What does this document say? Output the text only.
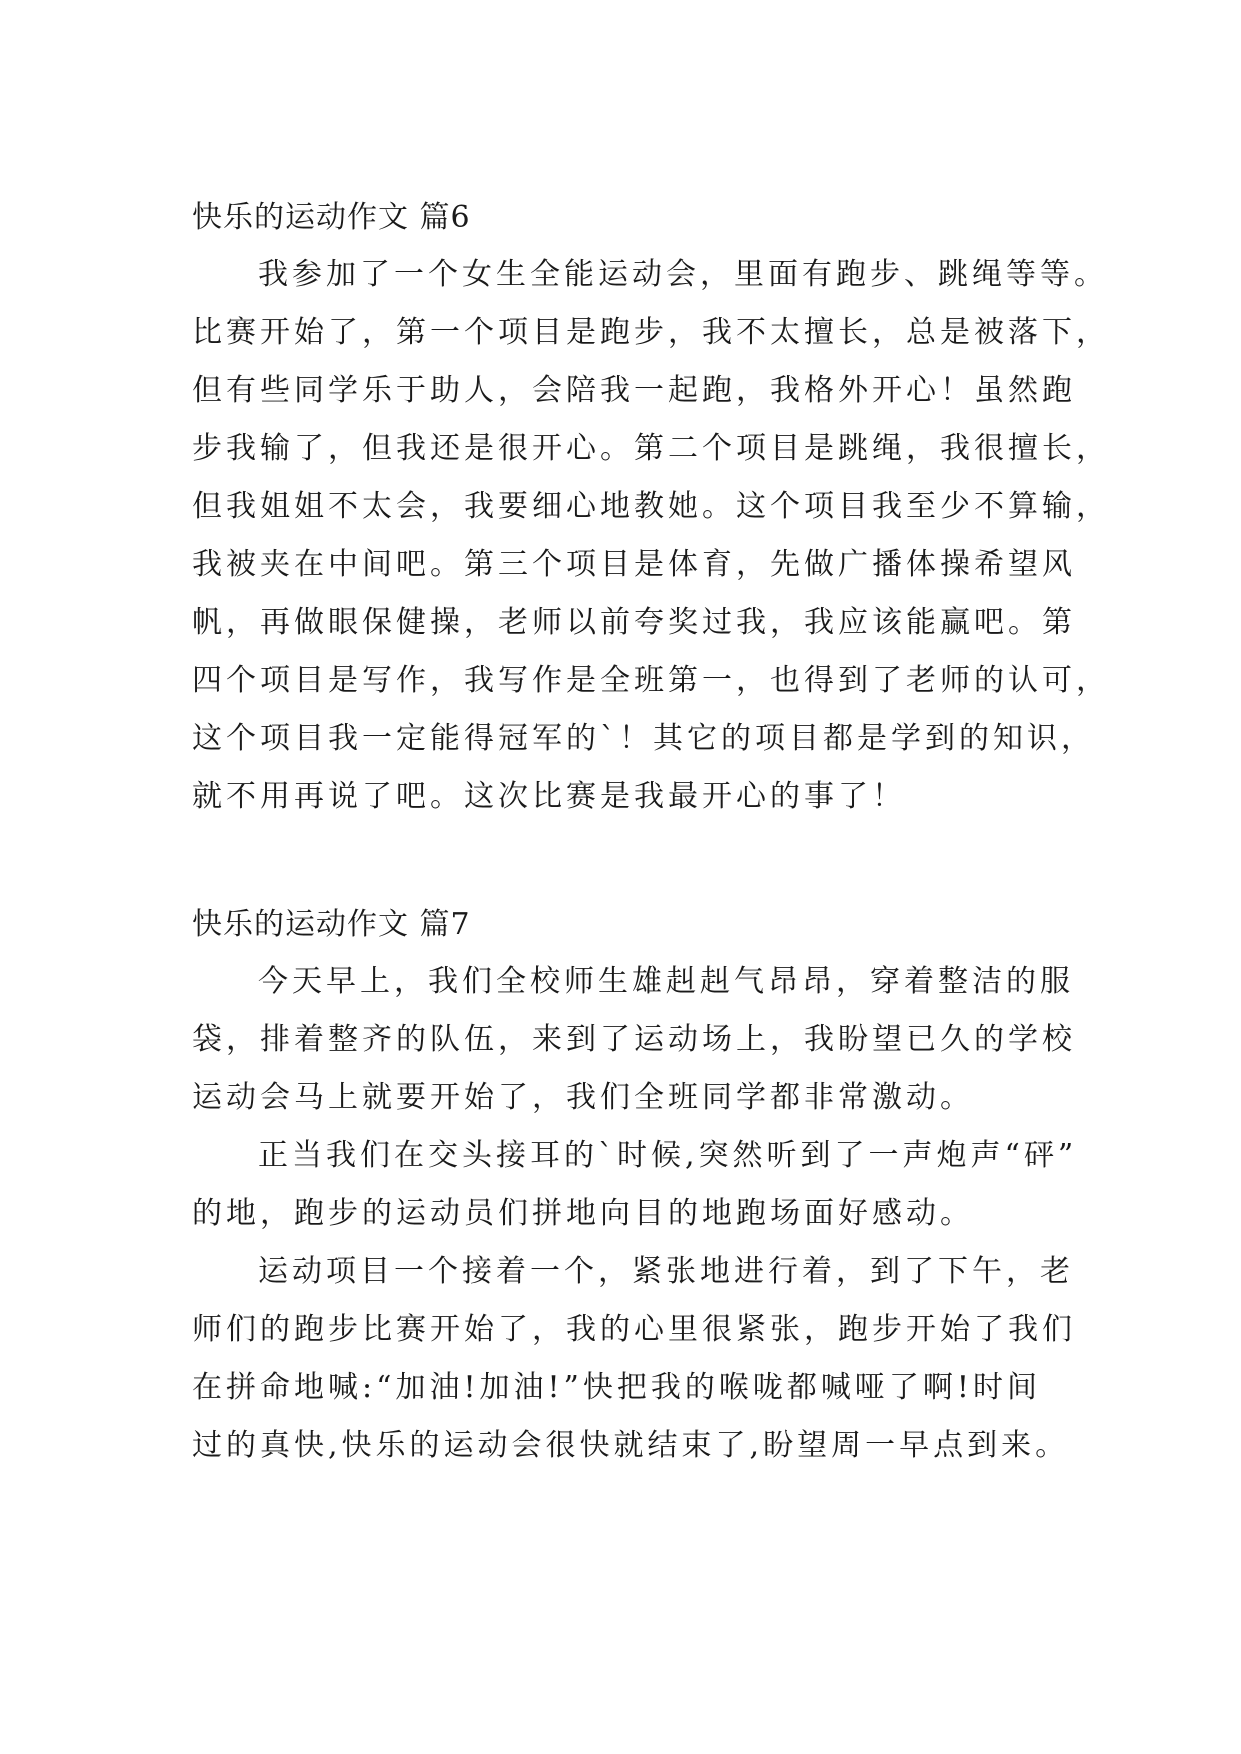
快乐的运动作文 篇6
我参加了一个女生全能运动会，里面有跑步、跳绳等等。
比赛开始了，第一个项目是跑步，我不太擅长，总是被落下，
但有些同学乐于助人，会陪我一起跑，我格外开心！虽然跑
步我输了，但我还是很开心。第二个项目是跳绳，我很擅长，
但我姐姐不太会，我要细心地教她。这个项目我至少不算输，
我被夹在中间吧。第三个项目是体育，先做广播体操希望风
帆，再做眼保健操，老师以前夸奖过我，我应该能赢吧。第
四个项目是写作，我写作是全班第一，也得到了老师的认可，
这个项目我一定能得冠军的`！其它的项目都是学到的知识，
就不用再说了吧。这次比赛是我最开心的事了！
快乐的运动作文 篇7
今天早上，我们全校师生雄赳赳气昂昂，穿着整洁的服
袋，排着整齐的队伍，来到了运动场上，我盼望已久的学校
运动会马上就要开始了，我们全班同学都非常激动。
正当我们在交头接耳的`时候,突然听到了一声炮声“砰”
的地，跑步的运动员们拼地向目的地跑场面好感动。
运动项目一个接着一个，紧张地进行着，到了下午，老
师们的跑步比赛开始了，我的心里很紧张，跑步开始了我们
在拼命地喊:“加油!加油!”快把我的喉咙都喊哑了啊!时间
过的真快,快乐的运动会很快就结束了,盼望周一早点到来。
